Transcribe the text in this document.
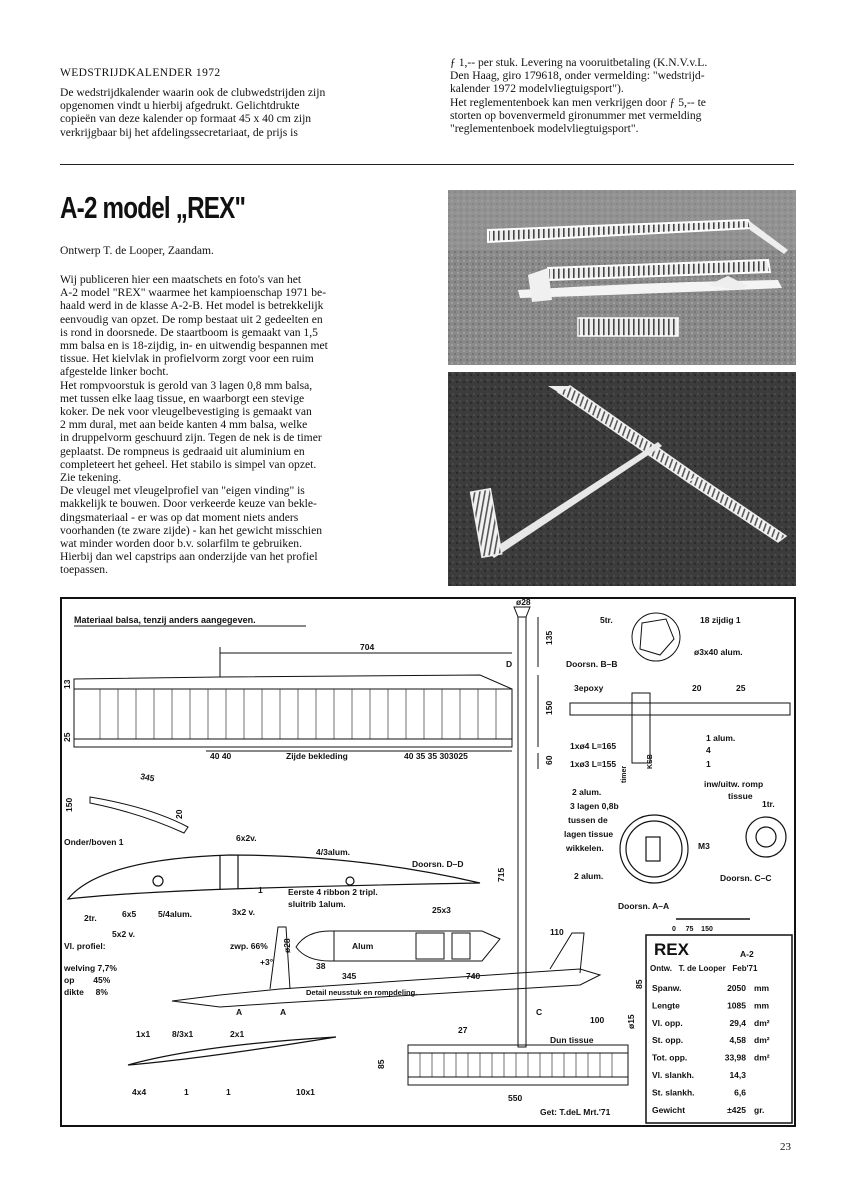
WEDSTRIJDKALENDER 1972

De wedstrijdkalender waarin ook de clubwedstrijden zijn

opgenomen vindt u hierbij afgedrukt. Gelichtdrukte

copieën van deze kalender op formaat 45 x 40 cm zijn

verkrijgbaar bij het afdelingssecretariaat, de prijs is

ƒ 1,-- per stuk. Levering na vooruitbetaling (K.N.V.v.L.

Den Haag, giro 179618, onder vermelding: "wedstrijd-

kalender 1972 modelvliegtuigsport").

Het reglementenboek kan men verkrijgen door ƒ 5,-- te

storten op bovenvermeld gironummer met vermelding

"reglementenboek modelvliegtuigsport".

A-2 model „REX"
Ontwerp T. de Looper, Zaandam.

Wij publiceren hier een maatschets en foto's van het

A-2 model "REX" waarmee het kampioenschap 1971 be-

haald werd in de klasse A-2-B. Het model is betrekkelijk

eenvoudig van opzet. De romp bestaat uit 2 gedeelten en

is rond in doorsnede. De staartboom is gemaakt van 1,5

mm balsa en is 18-zijdig, in- en uitwendig bespannen met

tissue. Het kielvlak in profielvorm zorgt voor een ruim

afgestelde linker bocht.

Het rompvoorstuk is gerold van 3 lagen 0,8 mm balsa,

met tussen elke laag tissue, en waarborgt een stevige

koker. De nek voor vleugelbevestiging is gemaakt van

2 mm dural, met aan beide kanten 4 mm balsa, welke

in druppelvorm geschuurd zijn. Tegen de nek is de timer

geplaatst. De rompneus is gedraaid uit aluminium en

completeert het geheel. Het stabilo is simpel van opzet.

Zie tekening.

De vleugel met vleugelprofiel van "eigen vinding" is

makkelijk te bouwen. Door verkeerde keuze van bekle-

dingsmateriaal - er was op dat moment niets anders

voorhanden (te zware zijde) - kan het gewicht misschien

wat minder worden door b.v. solarfilm te gebruiken.

Hierbij dan wel capstrips aan onderzijde van het profiel

toepassen.

Materiaal balsa, tenzij anders aangegeven.
704
13
25
40 40	Zijde bekleding	40 35 35 303025
345
150
20
ø28
135
150
60
D
715
Onder/boven 1	6x2v.
4/3alum.
Doorsn. D–D
2tr.	6x5	5/4alum.	3x2 v.
1	Eerste 4 ribbon 2 tripl.
sluitrib 1alum.
25x3
5x2 v.
Vl. profiel:
welving 7,7%
op        45%
dikte     8%
zwp. 66%
+3°
ø28	Alum
38
345	740
Detail neusstuk en rompdeling.
A	A	C
110
85
100	ø15
1x1	8/3x1	2x1
4x4	1	1	10x1
27
Dun tissue
85
550
Get: T.deL Mrt.'71
5tr.	18 zijdig 1
ø3x40 alum.
Doorsn. B–B
3epoxy	20	25
1 alum.
4
1
1xø4 L=165
1xø3 L=155
timer
KSB
2 alum.
3 lagen 0,8b
tussen de
lagen tissue
wikkelen.
inw/uitw. romp
tissue
1tr.
M3
2 alum.	Doorsn. C–C
Doorsn. A–A
0     75    150
REX	A-2
Ontw.   T. de Looper   Feb'71
Spanw.	2050 mm
Lengte	1085 mm
Vl. opp.	29,4 dm²
St. opp.	4,58 dm²
Tot. opp.	33,98 dm²
Vl. slankh.	14,3
St. slankh.	6,6
Gewicht	±425 gr.
23
